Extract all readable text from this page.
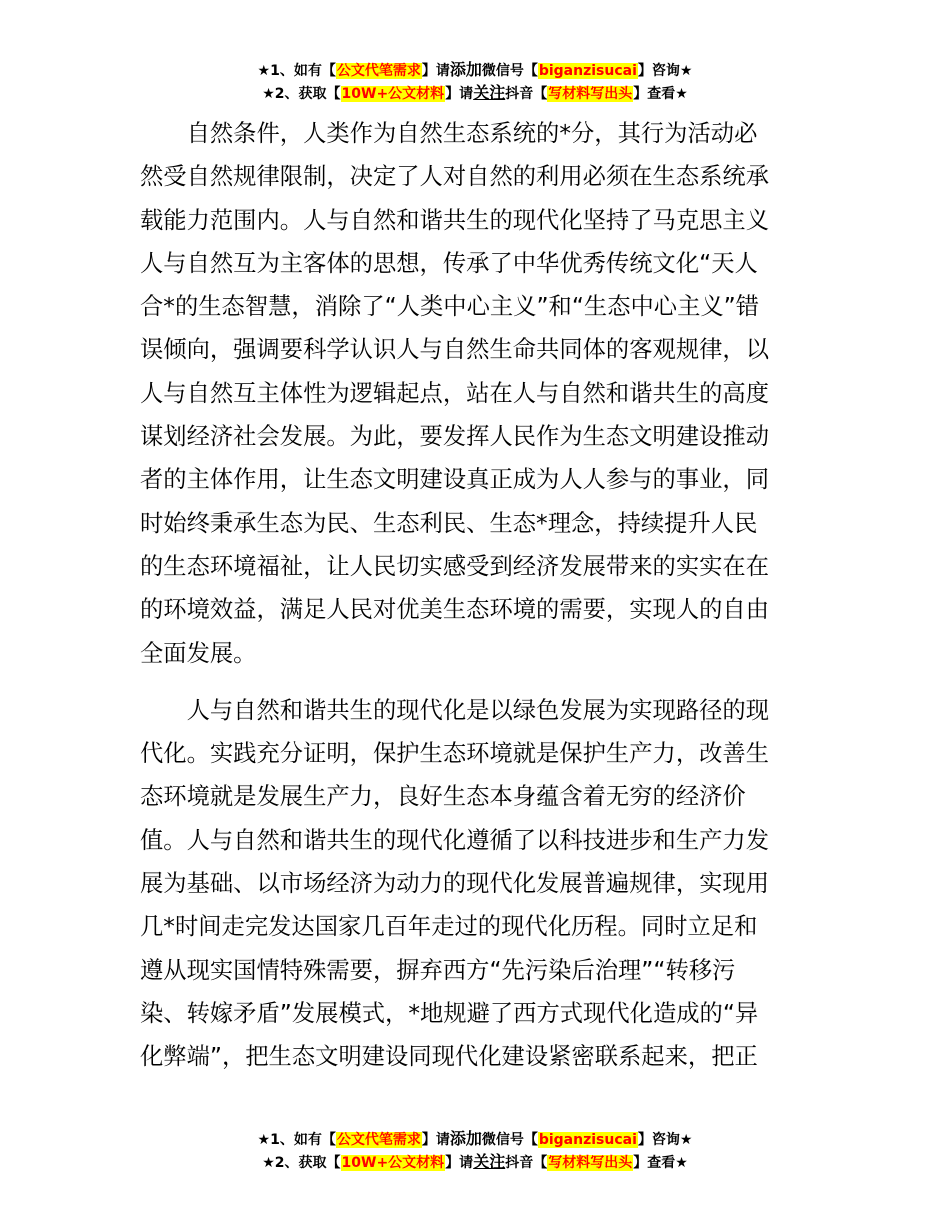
★1、如有【公文代笔需求】请添加微信号【biganzisucai】咨询★
★2、获取【10W+公文材料】请关注抖音【写材料写出头】查看★

自然条件，人类作为自然生态系统的*分，其行为活动必
然受自然规律限制，决定了人对自然的利用必须在生态系统承
载能力范围内。人与自然和谐共生的现代化坚持了马克思主义
人与自然互为主客体的思想，传承了中华优秀传统文化“天人
合*的生态智慧，消除了“人类中心主义”和“生态中心主义”错
误倾向，强调要科学认识人与自然生命共同体的客观规律，以
人与自然互主体性为逻辑起点，站在人与自然和谐共生的高度
谋划经济社会发展。为此，要发挥人民作为生态文明建设推动
者的主体作用，让生态文明建设真正成为人人参与的事业，同
时始终秉承生态为民、生态利民、生态*理念，持续提升人民
的生态环境福祉，让人民切实感受到经济发展带来的实实在在
的环境效益，满足人民对优美生态环境的需要，实现人的自由
全面发展。

人与自然和谐共生的现代化是以绿色发展为实现路径的现
代化。实践充分证明，保护生态环境就是保护生产力，改善生
态环境就是发展生产力，良好生态本身蕴含着无穷的经济价
值。人与自然和谐共生的现代化遵循了以科技进步和生产力发
展为基础、以市场经济为动力的现代化发展普遍规律，实现用
几*时间走完发达国家几百年走过的现代化历程。同时立足和
遵从现实国情特殊需要，摒弃西方“先污染后治理”“转移污
染、转嫁矛盾”发展模式，*地规避了西方式现代化造成的“异
化弊端”，把生态文明建设同现代化建设紧密联系起来，把正

★1、如有【公文代笔需求】请添加微信号【biganzisucai】咨询★
★2、获取【10W+公文材料】请关注抖音【写材料写出头】查看★
